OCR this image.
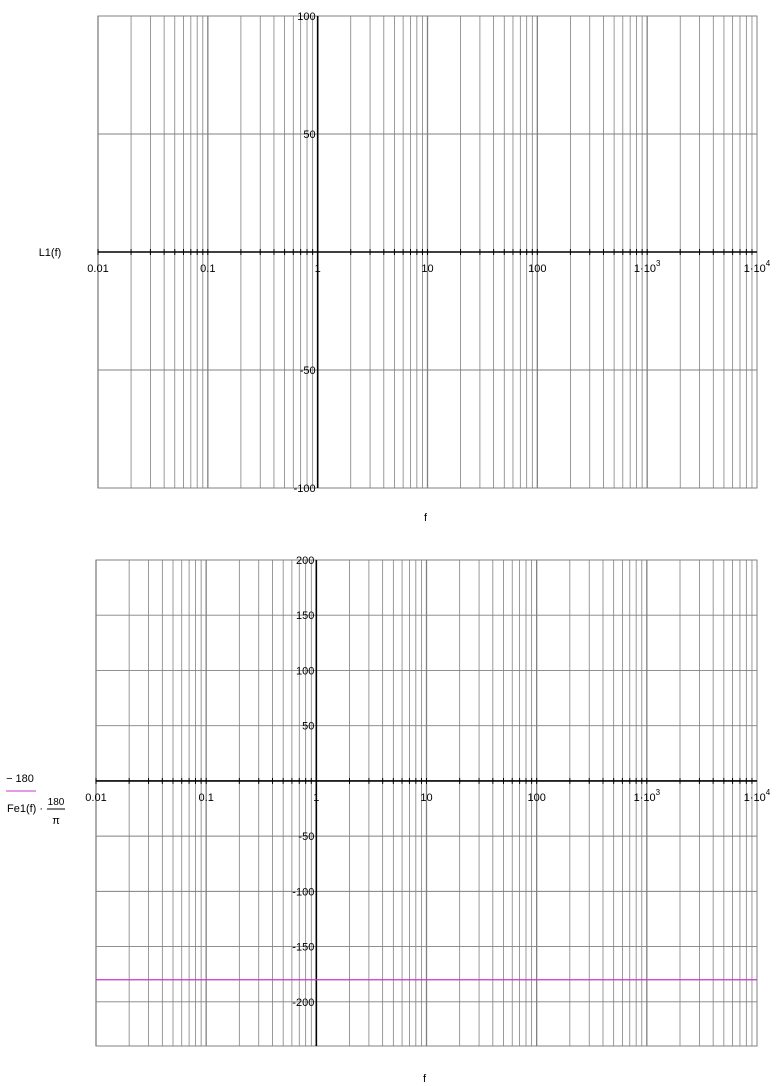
0.01	0.1	1	10	100	$1\cdot 10^3$	$1\cdot 10^4$
100
50
-50
-100
f
L1(f)
0.01	0.1	1	10	100	$1\cdot 10^3$	$1\cdot 10^4$
200
150
100
50
-50
-100
-150
-200
f
− 180
Fe1(f) ·
180
π
